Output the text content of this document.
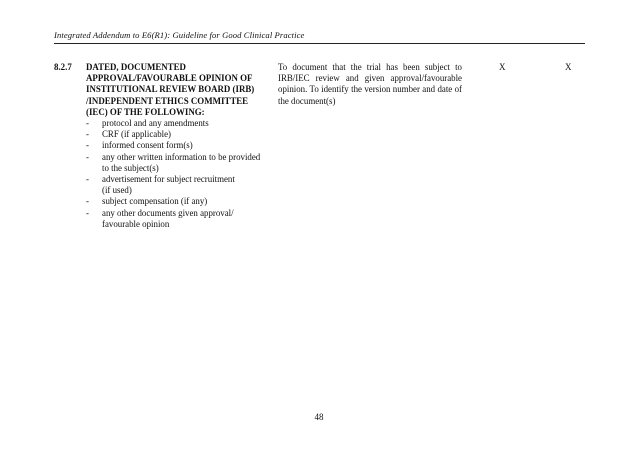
Integrated Addendum to E6(R1): Guideline for Good Clinical Practice
8.2.7 DATED, DOCUMENTED
APPROVAL/FAVOURABLE OPINION OF
INSTITUTIONAL REVIEW BOARD (IRB)
/INDEPENDENT ETHICS COMMITTEE
(IEC) OF THE FOLLOWING:
- protocol and any amendments
- CRF (if applicable)
- informed consent form(s)
- any other written information to be provided
to the subject(s)
- advertisement for subject recruitment
(if used)
- subject compensation (if any)
- any other documents given approval/
favourable opinion
To document that the trial has been subject to IRB/IEC review and given approval/favourable opinion. To identify the version number and date of the document(s)
X	X
48
